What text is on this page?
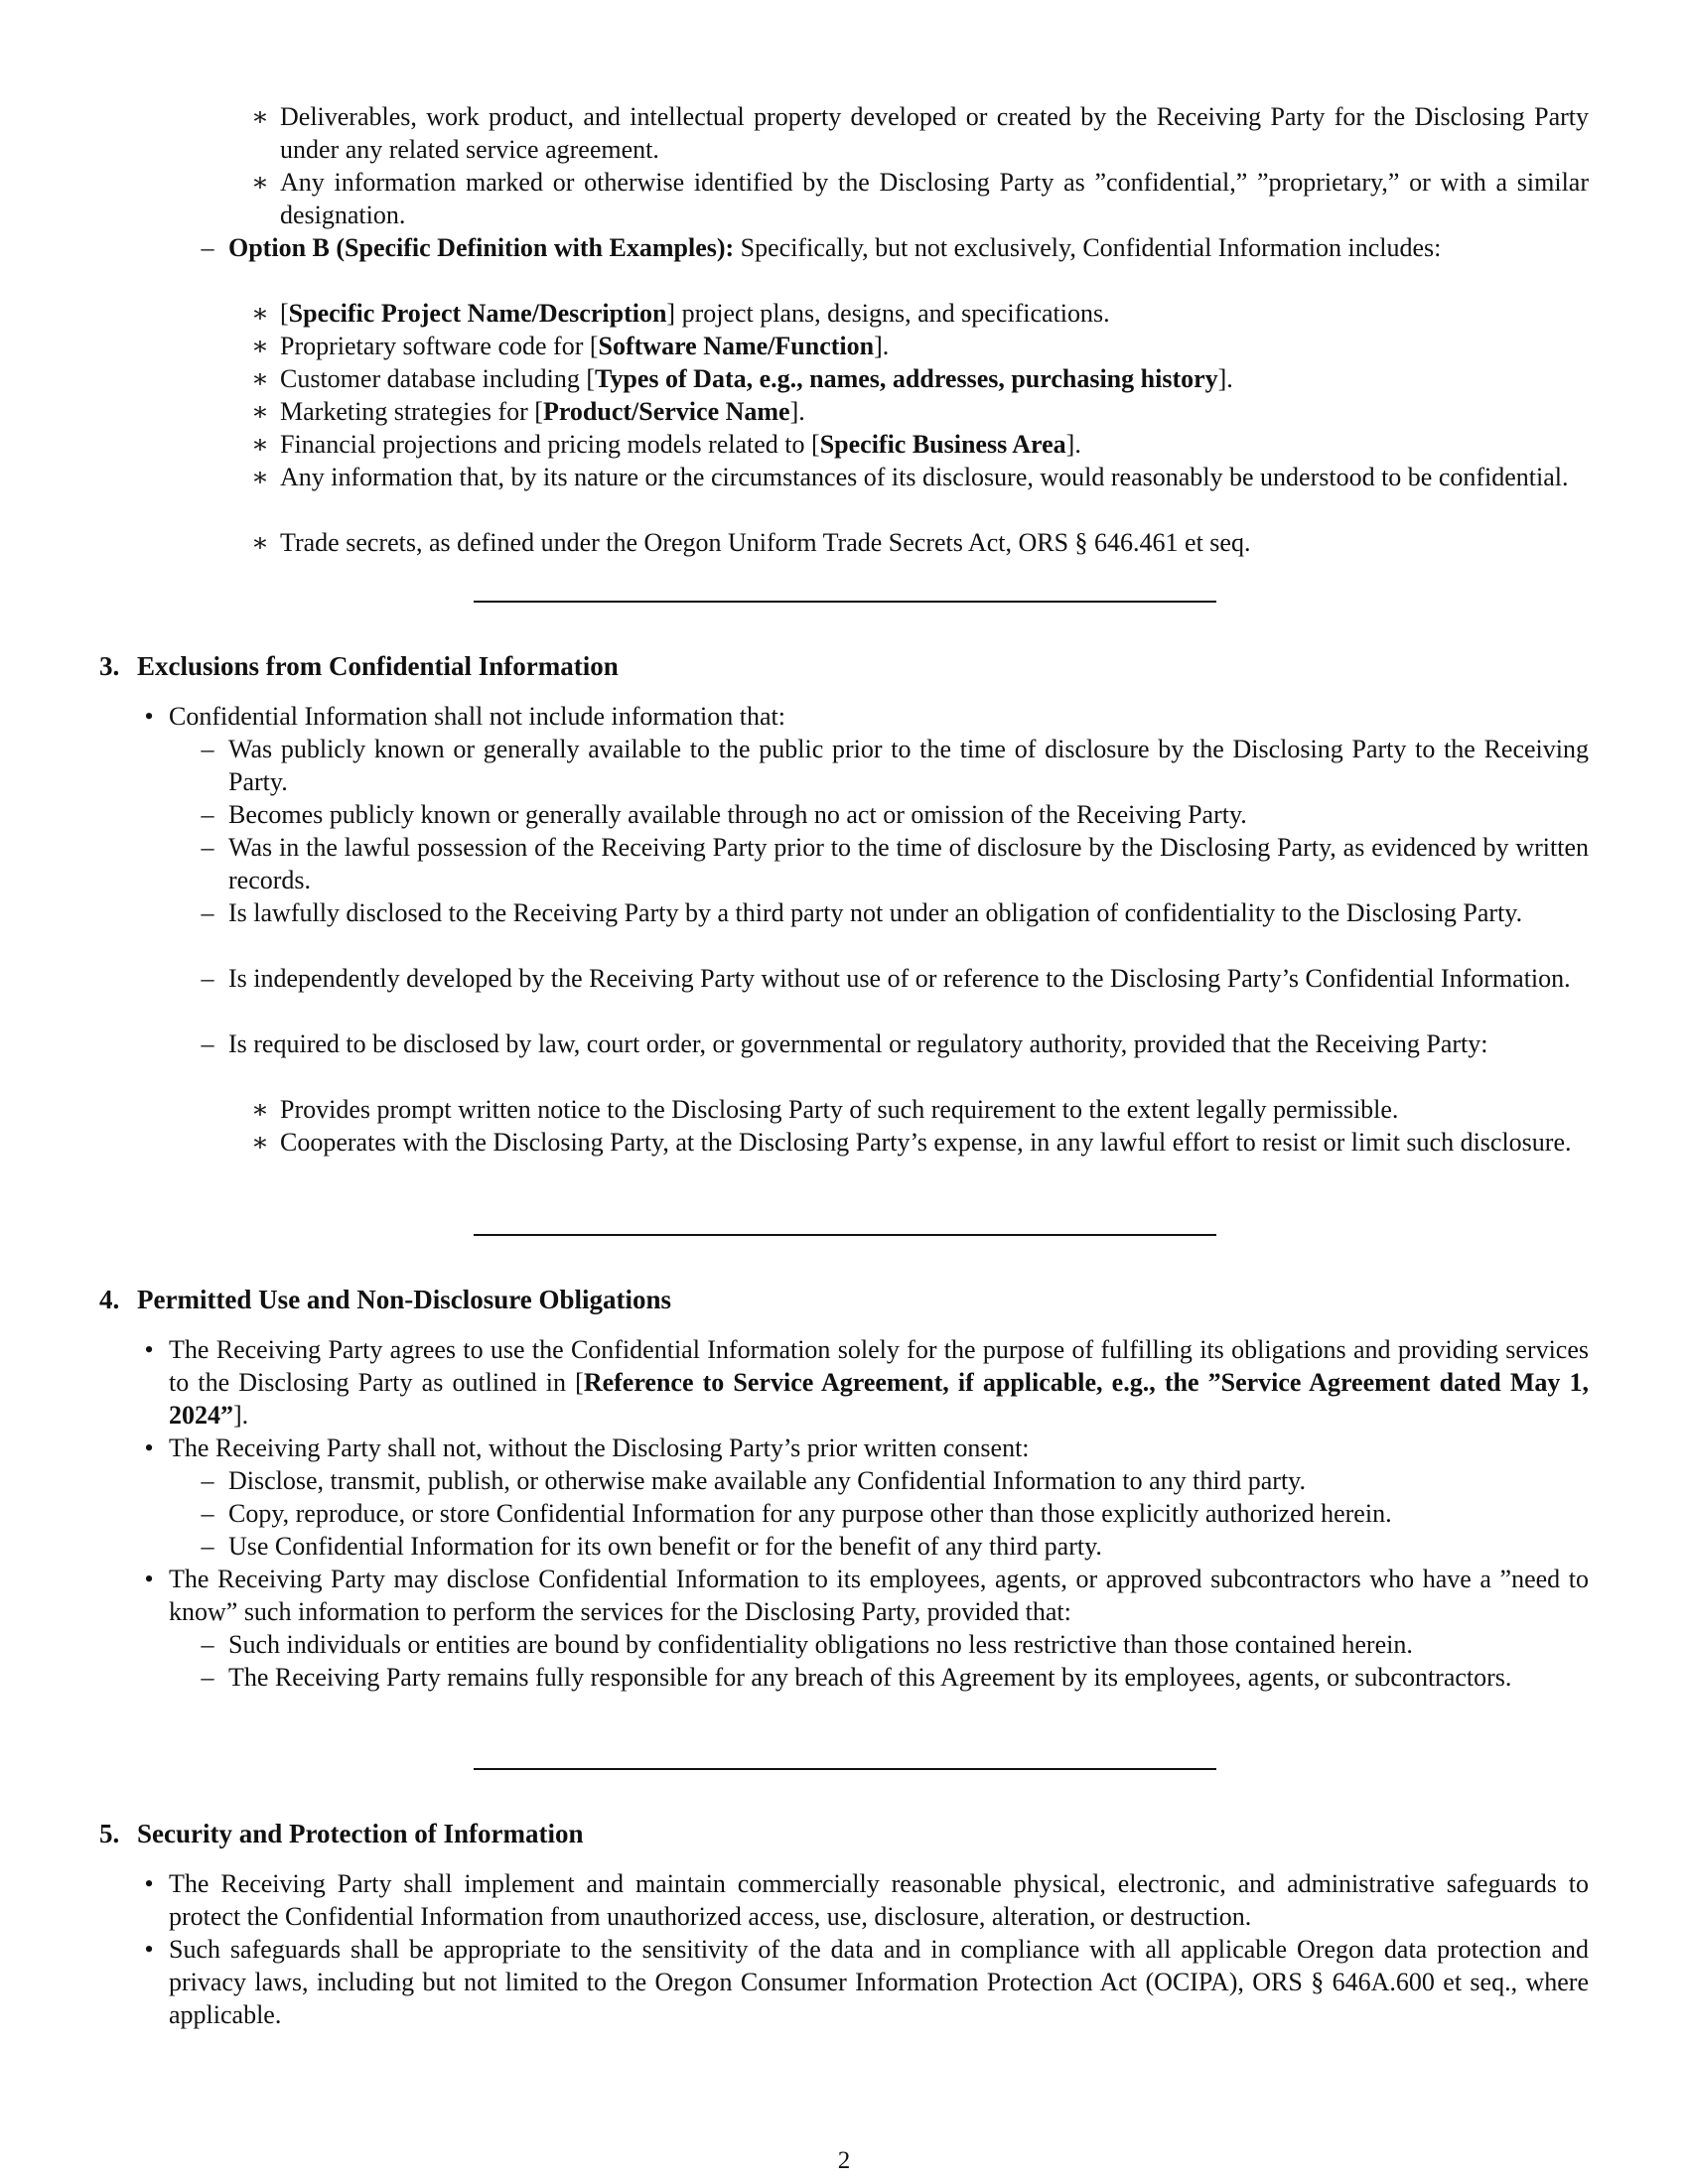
∗ Deliverables, work product, and intellectual property developed or created by the Receiving Party for the Disclosing Party under any related service agreement.
∗ Any information marked or otherwise identified by the Disclosing Party as ”confidential,” ”proprietary,” or with a similar designation.
– Option B (Specific Definition with Examples): Specifically, but not exclusively, Confidential Information includes:
∗ [Specific Project Name/Description] project plans, designs, and specifications.
∗ Proprietary software code for [Software Name/Function].
∗ Customer database including [Types of Data, e.g., names, addresses, purchasing history].
∗ Marketing strategies for [Product/Service Name].
∗ Financial projections and pricing models related to [Specific Business Area].
∗ Any information that, by its nature or the circumstances of its disclosure, would reasonably be understood to be confidential.
∗ Trade secrets, as defined under the Oregon Uniform Trade Secrets Act, ORS § 646.461 et seq.
3. Exclusions from Confidential Information
• Confidential Information shall not include information that:
– Was publicly known or generally available to the public prior to the time of disclosure by the Disclosing Party to the Receiving Party.
– Becomes publicly known or generally available through no act or omission of the Receiving Party.
– Was in the lawful possession of the Receiving Party prior to the time of disclosure by the Disclosing Party, as evidenced by written records.
– Is lawfully disclosed to the Receiving Party by a third party not under an obligation of confidentiality to the Disclosing Party.
– Is independently developed by the Receiving Party without use of or reference to the Disclosing Party’s Confidential Information.
– Is required to be disclosed by law, court order, or governmental or regulatory authority, provided that the Receiving Party:
∗ Provides prompt written notice to the Disclosing Party of such requirement to the extent legally permissible.
∗ Cooperates with the Disclosing Party, at the Disclosing Party’s expense, in any lawful effort to resist or limit such disclosure.
4. Permitted Use and Non-Disclosure Obligations
• The Receiving Party agrees to use the Confidential Information solely for the purpose of fulfilling its obligations and providing services to the Disclosing Party as outlined in [Reference to Service Agreement, if applicable, e.g., the ”Service Agreement dated May 1, 2024”].
• The Receiving Party shall not, without the Disclosing Party’s prior written consent:
– Disclose, transmit, publish, or otherwise make available any Confidential Information to any third party.
– Copy, reproduce, or store Confidential Information for any purpose other than those explicitly authorized herein.
– Use Confidential Information for its own benefit or for the benefit of any third party.
• The Receiving Party may disclose Confidential Information to its employees, agents, or approved subcontractors who have a ”need to know” such information to perform the services for the Disclosing Party, provided that:
– Such individuals or entities are bound by confidentiality obligations no less restrictive than those contained herein.
– The Receiving Party remains fully responsible for any breach of this Agreement by its employees, agents, or subcontractors.
5. Security and Protection of Information
• The Receiving Party shall implement and maintain commercially reasonable physical, electronic, and administrative safeguards to protect the Confidential Information from unauthorized access, use, disclosure, alteration, or destruction.
• Such safeguards shall be appropriate to the sensitivity of the data and in compliance with all applicable Oregon data protection and privacy laws, including but not limited to the Oregon Consumer Information Protection Act (OCIPA), ORS § 646A.600 et seq., where applicable.
2
